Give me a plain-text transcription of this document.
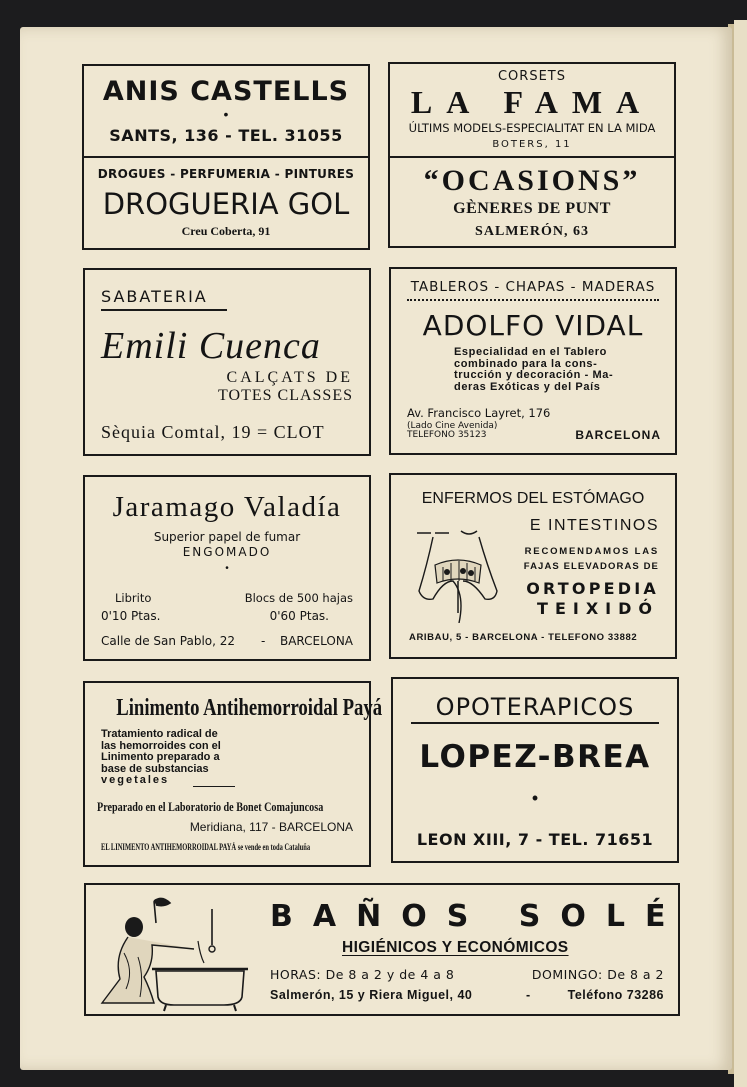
ANIS CASTELLS
•
SANTS, 136 - TEL. 31055
DROGUES - PERFUMERIA - PINTURES
DROGUERIA GOL
Creu Coberta, 91
CORSETS
LA FAMA
ÚLTIMS MODELS-ESPECIALITAT EN LA MIDA
BOTERS, 11
“OCASIONS”
GÈNERES DE PUNT
SALMERÓN, 63
SABATERIA
Emili Cuenca
CALÇATS DE
TOTES CLASSES
Sèquia Comtal, 19 = CLOT
TABLEROS - CHAPAS - MADERAS
ADOLFO VIDAL
Especialidad en el Tablero
combinado para la cons-
trucción y decoración - Ma-
deras Exóticas y del País
Av. Francisco Layret, 176
(Lado Cine Avenida)
TELEFONO 35123	BARCELONA
Jaramago Valadía
Superior papel de fumar
ENGOMADO
•
Librito
0'10 Ptas.
Blocs de 500 hajas
0'60 Ptas.
Calle de San Pablo, 22 - BARCELONA
ENFERMOS DEL ESTÓMAGO
E INTESTINOS
RECOMENDAMOS LAS
FAJAS ELEVADORAS DE
ORTOPEDIA
TEIXIDÓ
ARIBAU, 5 - BARCELONA - TELEFONO 33882
Linimento Antihemorroidal Payá
Tratamiento radical de
las hemorroides con el
Linimento preparado a
base de substancias
vegetales
Preparado en el Laboratorio de Bonet Comajuncosa
Meridiana, 117 - BARCELONA
EL LINIMENTO ANTIHEMORROIDAL PAYÁ se vende en toda Cataluña
OPOTERAPICOS
LOPEZ-BREA
•
LEON XIII, 7 - TEL. 71651
BAÑOS SOLÉ
HIGIÉNICOS Y ECONÓMICOS
HORAS: De 8 a 2 y de 4 a 8	DOMINGO: De 8 a 2
Salmerón, 15 y Riera Miguel, 40	-	Teléfono 73286
